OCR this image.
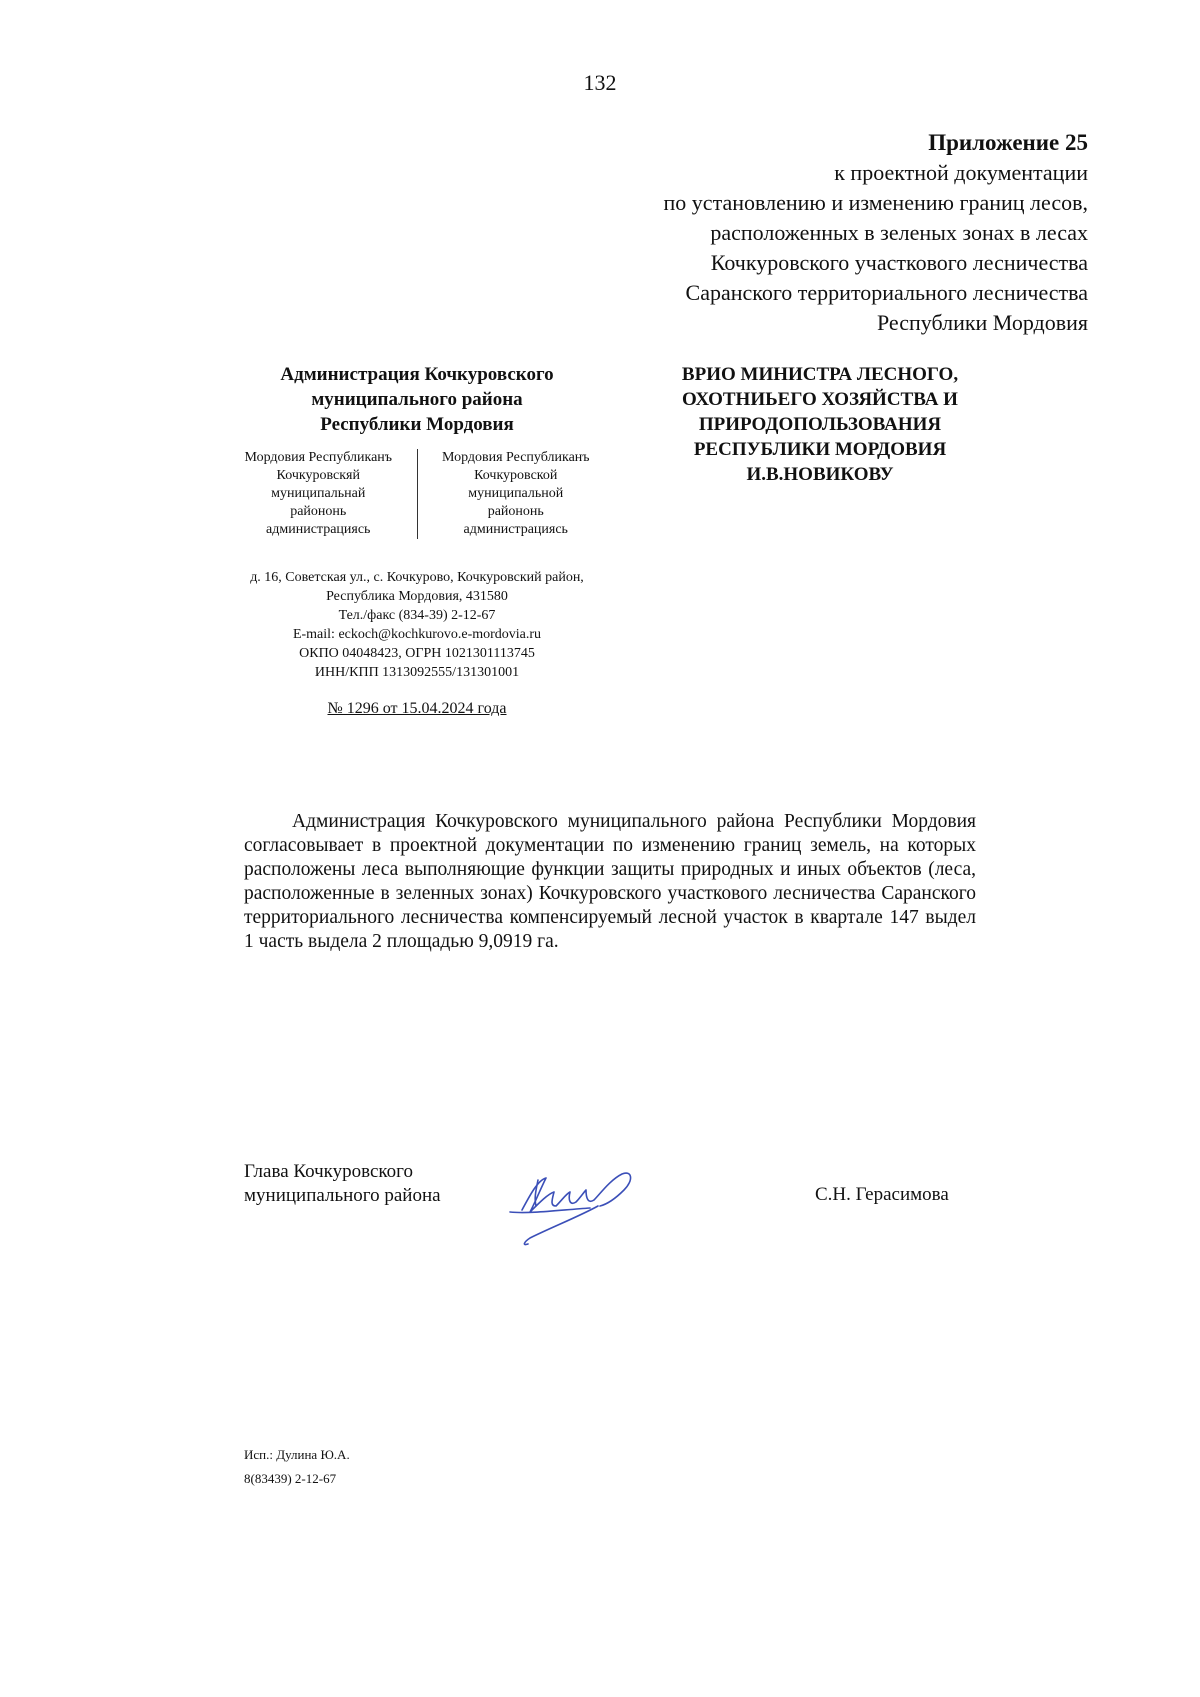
132
Приложение 25
к проектной документации
по установлению и изменению границ лесов,
расположенных в зеленых зонах в лесах
Кочкуровского участкового лесничества
Саранского территориального лесничества
Республики Мордовия
Администрация Кочкуровского
муниципального района
Республики Мордовия
Мордовия Республиканъ
Кочкуровскяй
муниципальнай
райононь
администрациясь
Мордовия Республиканъ
Кочкуровской
муниципальной
райононь
администрациясь
д. 16, Советская ул., с. Кочкурово, Кочкуровский район,
Республика Мордовия, 431580
Тел./факс (834-39) 2-12-67
E-mail: eckoch@kochkurovo.e-mordovia.ru
ОКПО 04048423, ОГРН 1021301113745
ИНН/КПП 1313092555/131301001
№ 1296 от 15.04.2024 года
ВРИО МИНИСТРА ЛЕСНОГО,
ОХОТНИЬЕГО ХОЗЯЙСТВА И
ПРИРОДОПОЛЬЗОВАНИЯ
РЕСПУБЛИКИ МОРДОВИЯ
И.В.НОВИКОВУ
Администрация Кочкуровского муниципального района Республики Мордовия согласовывает в проектной документации по изменению границ земель, на которых расположены леса выполняющие функции защиты природных и иных объектов (леса, расположенные в зеленных зонах) Кочкуровского участкового лесничества Саранского территориального лесничества компенсируемый лесной участок в квартале 147 выдел 1 часть выдела 2 площадью 9,0919 га.
Глава Кочкуровского
муниципального района	С.Н. Герасимова
Исп.: Дулина Ю.А.
8(83439) 2-12-67
